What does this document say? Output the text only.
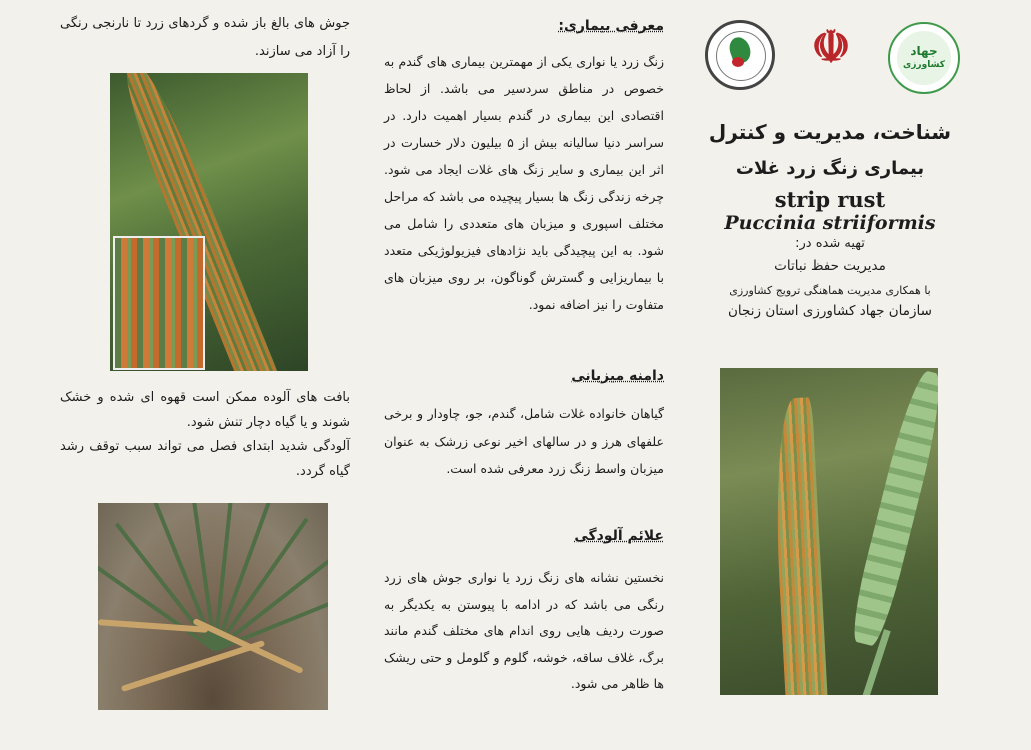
جوش های بالغ باز شده و گردهای زرد تا نارنجی رنگی را آزاد می سازند.
بافت های آلوده ممکن است قهوه ای شده و خشک شوند و یا گیاه دچار تنش شود.
آلودگی شدید ابتدای فصل می تواند سبب توقف رشد گیاه گردد.
معرفی بیماری:
زنگ زرد یا نواری یکی از مهمترین بیماری های گندم به خصوص در مناطق سردسیر می باشد. از لحاظ اقتصادی این بیماری در گندم بسیار اهمیت دارد. در سراسر دنیا سالیانه بیش از ۵ بیلیون دلار خسارت در اثر این بیماری و سایر زنگ های غلات ایجاد می شود. چرخه زندگی زنگ ها بسیار پیچیده می باشد که مراحل مختلف اسپوری و میزبان های متعددی را شامل می شود. به این پیچیدگی باید نژادهای فیزیولوژیکی متعدد با بیماریزایی و گسترش گوناگون، بر روی میزبان های متفاوت را نیز اضافه نمود.
دامنه میزبانی
گیاهان خانواده غلات شامل، گندم، جو، چاودار و برخی علفهای هرز و در سالهای اخیر نوعی زرشک به عنوان میزبان واسط زنگ زرد معرفی شده است.
علائم آلودگی
نخستین نشانه های زنگ زرد یا نواری جوش های زرد رنگی می باشد که در ادامه با پیوستن به یکدیگر به صورت ردیف هایی روی اندام های مختلف گندم مانند برگ، غلاف ساقه، خوشه، گلوم و گلومل و حتی ریشک ها ظاهر می شود.
☫	جهاد
کشاورزی
شناخت، مدیریت و کنترل
بیماری زنگ زرد غلات
strip rust
Puccinia striiformis
تهیه شده در:
مدیریت حفظ نباتات
با همکاری مدیریت هماهنگی ترویج کشاورزی
سازمان جهاد کشاورزی استان زنجان
